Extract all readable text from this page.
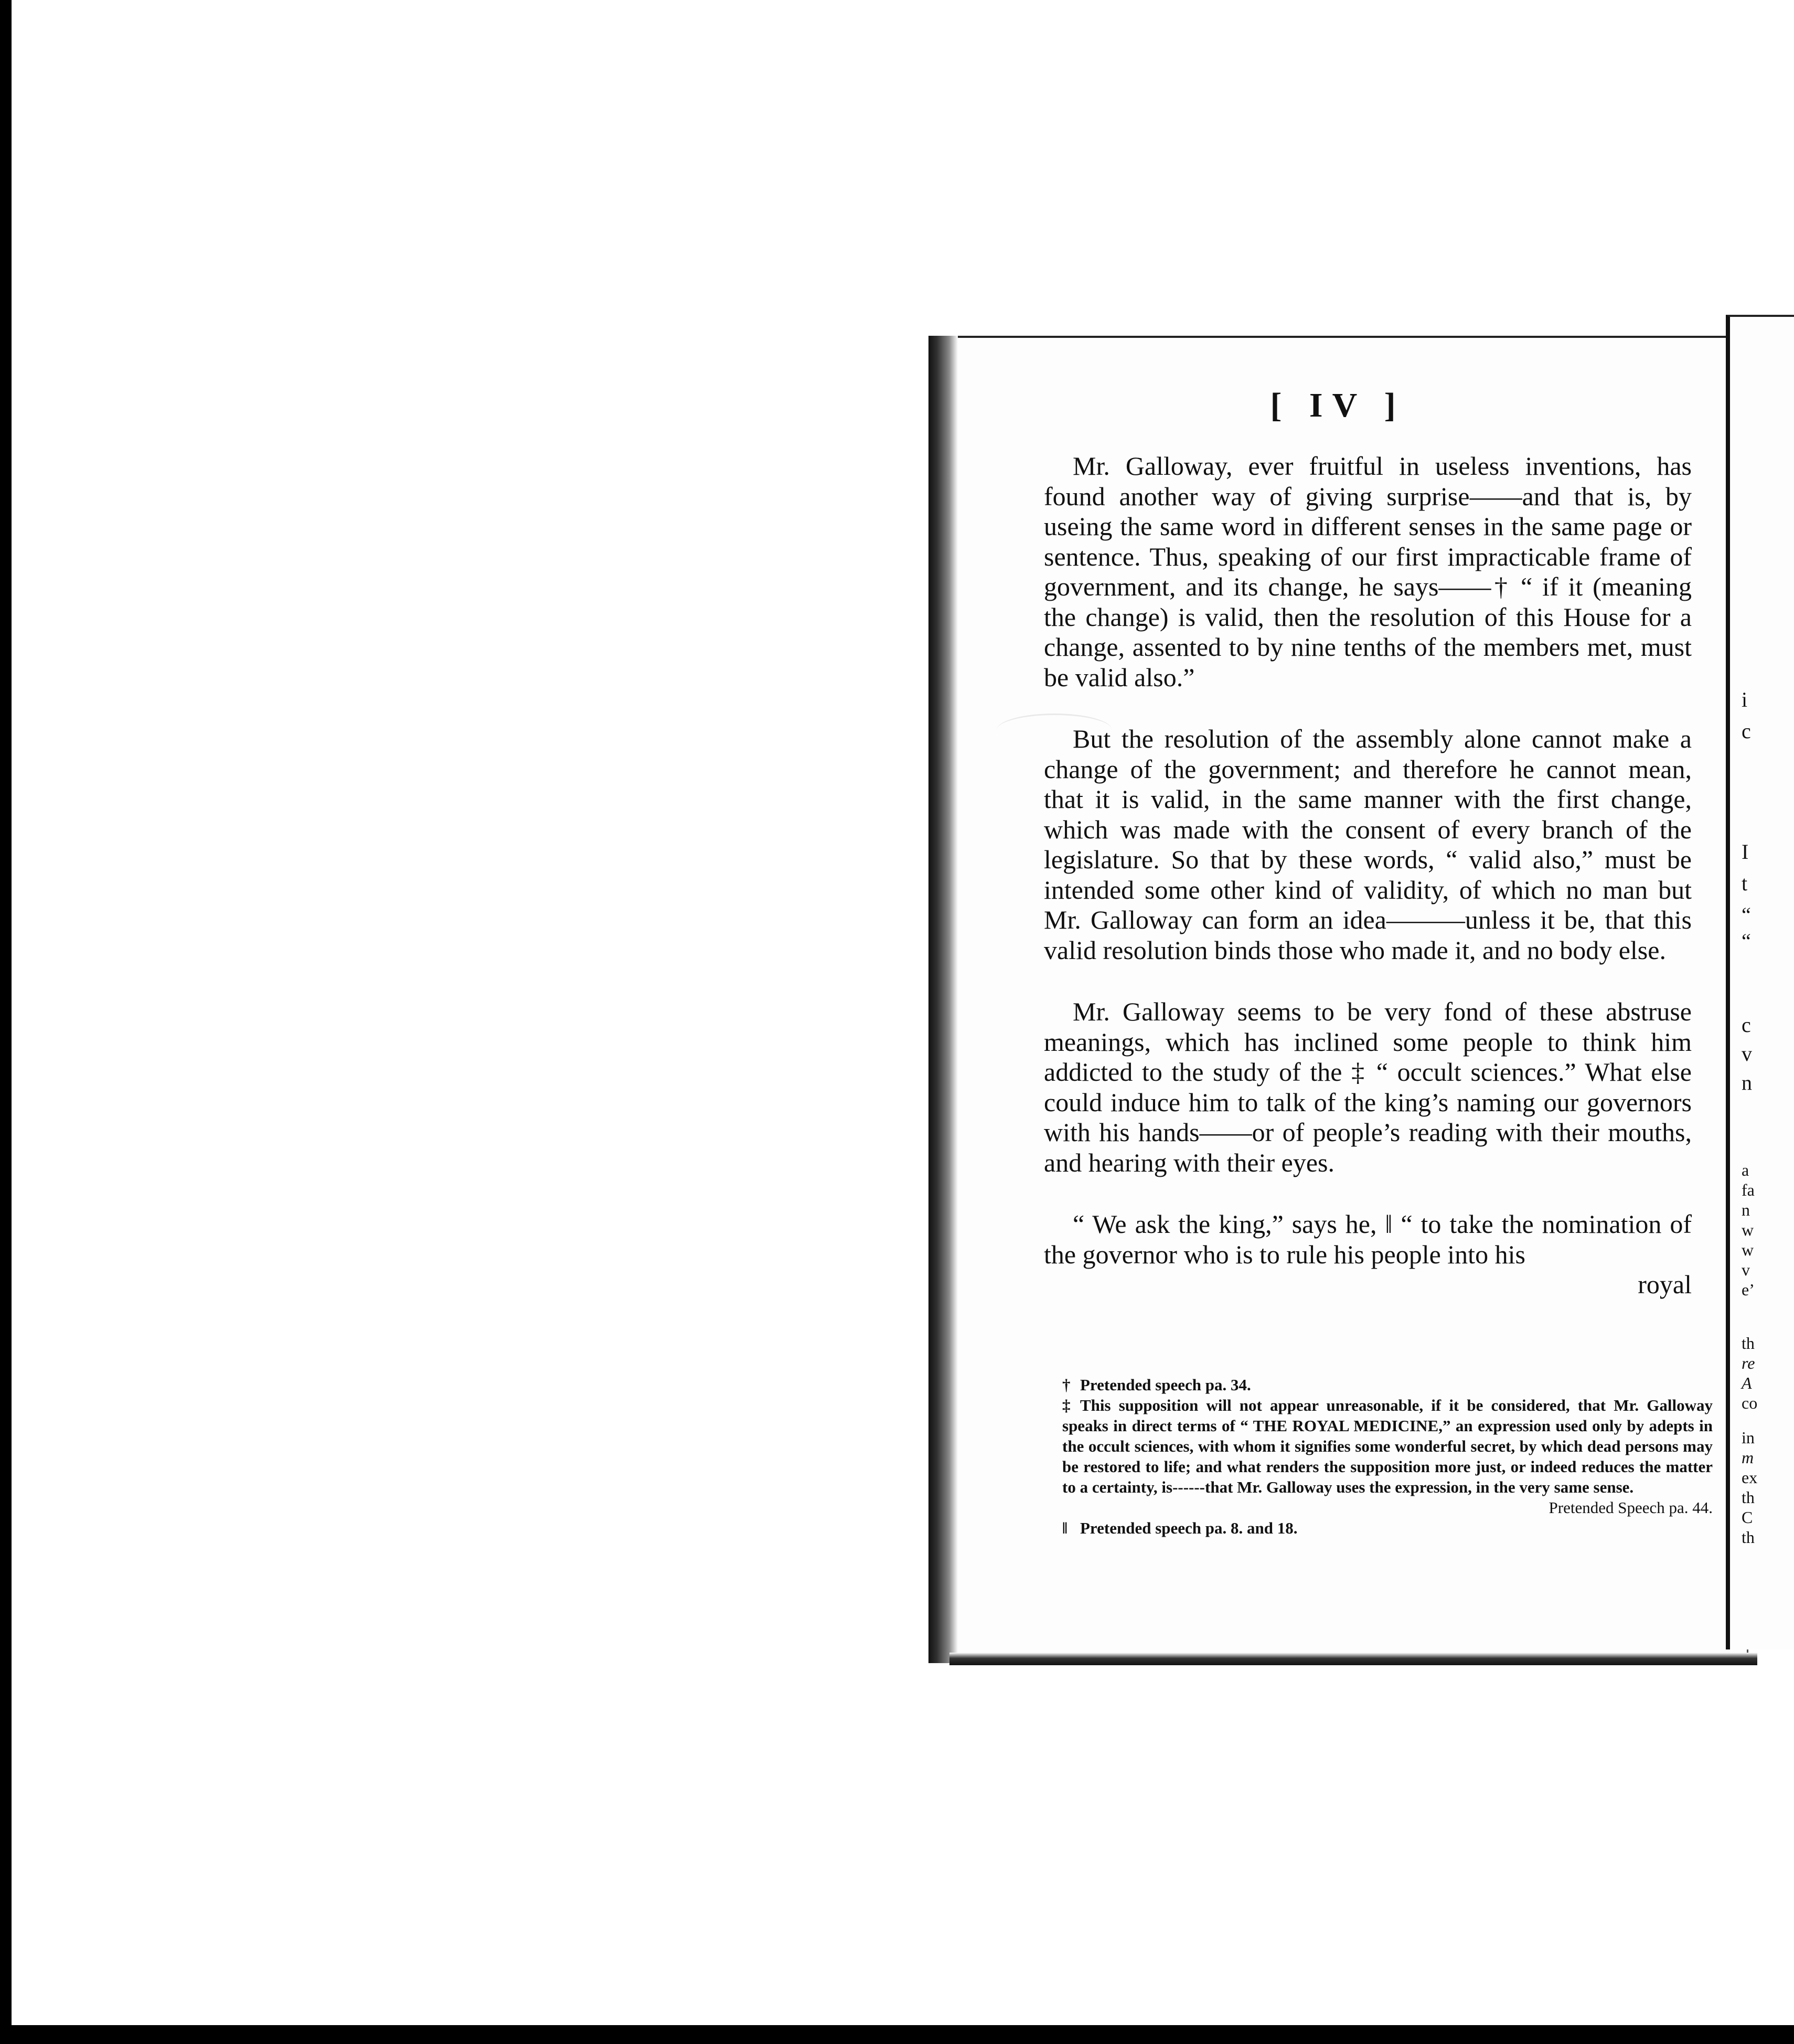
i
c
I
t
“
“
c
v
n
a
fa
n
w
w
v
e’
th
re
A
co
in
m
ex
th
C
th
[ IV ]

Mr. Galloway, ever fruitful in useless inventions, has found another way of giving surprise——and that is, by useing the same word in different senses in the same page or sentence. Thus, speaking of our first impracticable frame of government, and its change, he says——† “ if it (meaning the change) is valid, then the resolution of this House for a change, assented to by nine tenths of the members met, must be valid also.”

But the resolution of the assembly alone cannot make a change of the government; and therefore he cannot mean, that it is valid, in the same manner with the first change, which was made with the consent of every branch of the legislature. So that by these words, “ valid also,” must be intended some other kind of validity, of which no man but Mr. Galloway can form an idea———unless it be, that this valid resolution binds those who made it, and no body else.

Mr. Galloway seems to be very fond of these abstruse meanings, which has inclined some people to think him addicted to the study of the ‡ “ occult sciences.” What else could induce him to talk of the king’s naming our governors with his hands——or of people’s reading with their mouths, and hearing with their eyes.

“ We ask the king,” says he, ‖ “ to take the nomination of the governor who is to rule his people into his

royal

† Pretended speech pa. 34.

‡ This supposition will not appear unreasonable, if it be considered, that Mr. Galloway speaks in direct terms of “ THE ROYAL MEDICINE,” an expression used only by adepts in the occult sciences, with whom it signifies some wonderful secret, by which dead persons may be restored to life; and what renders the supposition more just, or indeed reduces the matter to a certainty, is------that Mr. Galloway uses the expression, in the very same sense.
Pretended Speech pa. 44.

‖ Pretended speech pa. 8. and 18.
